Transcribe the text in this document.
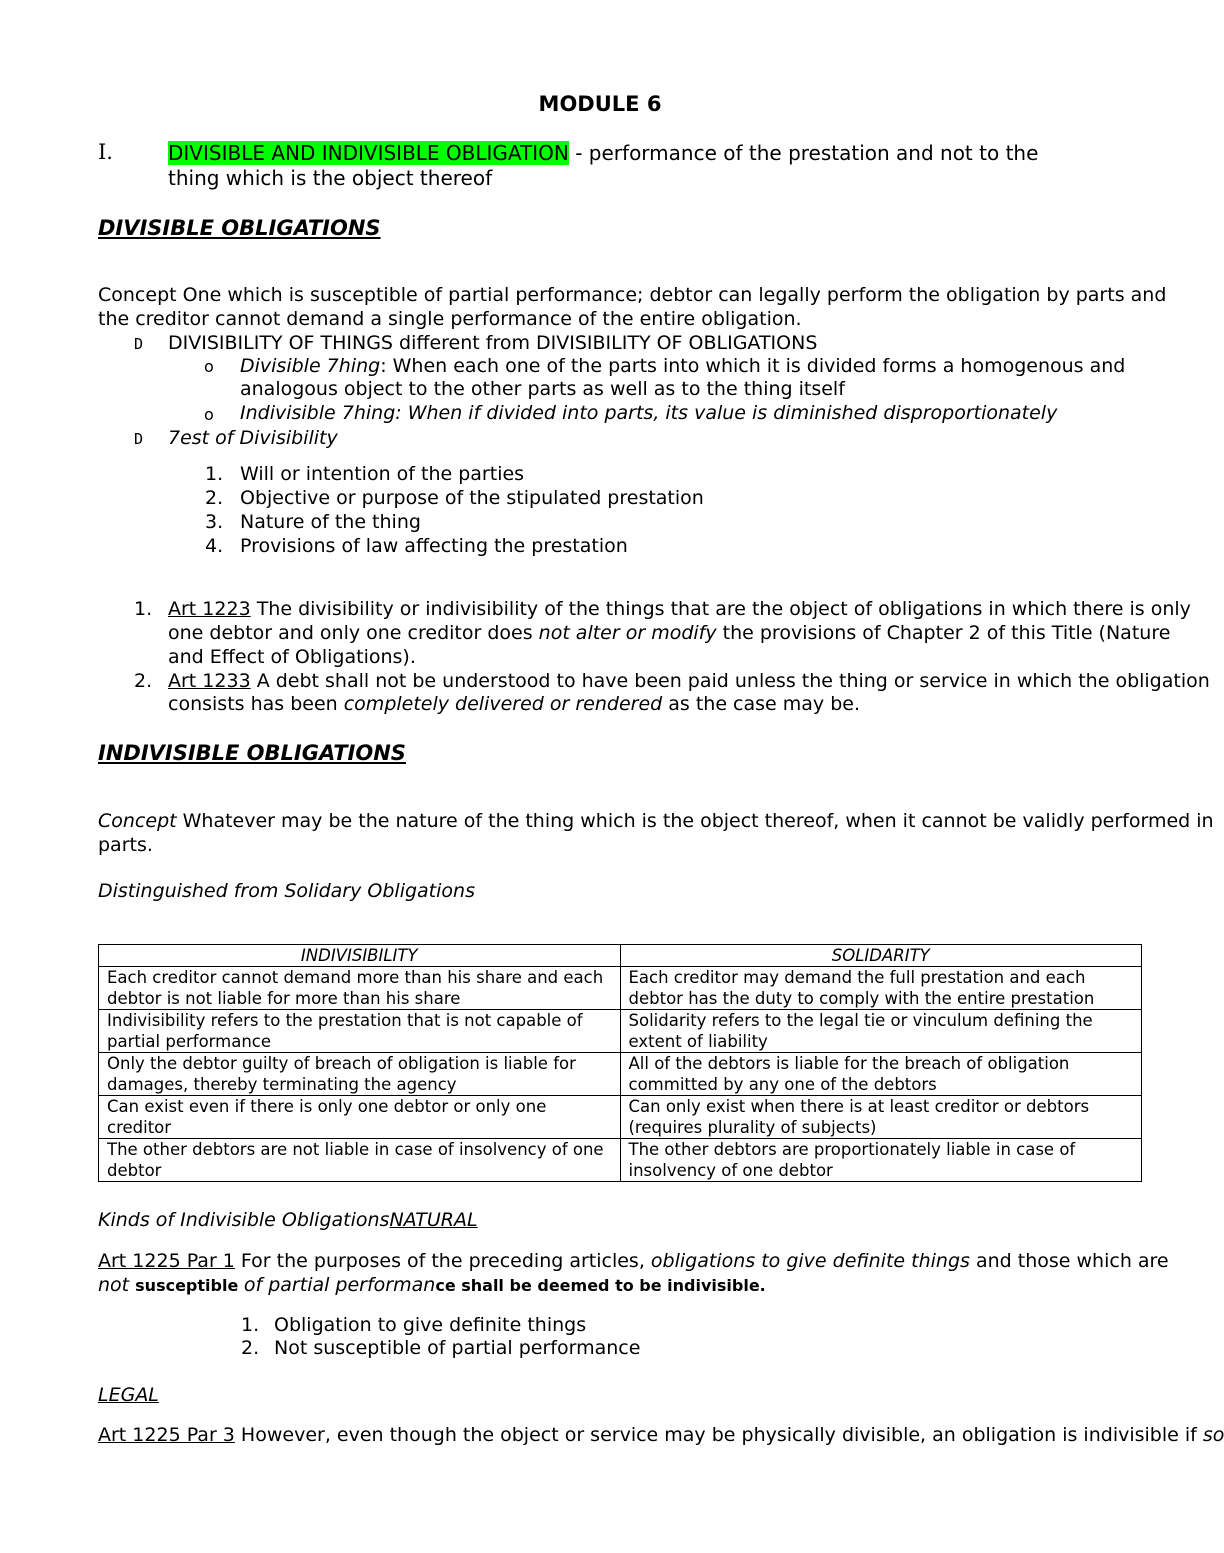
MODULE 6
I.	DIVISIBLE AND INDIVISIBLE OBLIGATION - performance of the prestation and not to the
thing which is the object thereof
DIVISIBLE OBLIGATIONS
Concept One which is susceptible of partial performance; debtor can legally perform the obligation by parts and
the creditor cannot demand a single performance of the entire obligation.
D DIVISIBILITY OF THINGS different from DIVISIBILITY OF OBLIGATIONS
o Divisible 7hing: When each one of the parts into which it is divided forms a homogenous and
analogous object to the other parts as well as to the thing itself
o Indivisible 7hing: When if divided into parts, its value is diminished disproportionately
D 7est of Divisibility
1. Will or intention of the parties
2. Objective or purpose of the stipulated prestation
3. Nature of the thing
4. Provisions of law affecting the prestation
1. Art 1223 The divisibility or indivisibility of the things that are the object of obligations in which there is only
one debtor and only one creditor does not alter or modify the provisions of Chapter 2 of this Title (Nature
and Effect of Obligations).
2. Art 1233 A debt shall not be understood to have been paid unless the thing or service in which the obligation
consists has been completely delivered or rendered as the case may be.
INDIVISIBLE OBLIGATIONS
Concept Whatever may be the nature of the thing which is the object thereof, when it cannot be validly performed in
parts.
Distinguished from Solidary Obligations
INDIVISIBILITY	SOLIDARITY
Each creditor cannot demand more than his share and each debtor is not liable for more than his share	Each creditor may demand the full prestation and each debtor has the duty to comply with the entire prestation
Indivisibility refers to the prestation that is not capable of partial performance	Solidarity refers to the legal tie or vinculum defining the extent of liability
Only the debtor guilty of breach of obligation is liable for damages, thereby terminating the agency	All of the debtors is liable for the breach of obligation committed by any one of the debtors
Can exist even if there is only one debtor or only one creditor	Can only exist when there is at least creditor or debtors (requires plurality of subjects)
The other debtors are not liable in case of insolvency of one debtor	The other debtors are proportionately liable in case of insolvency of one debtor
Kinds of Indivisible ObligationsNATURAL
Art 1225 Par 1 For the purposes of the preceding articles, obligations to give definite things and those which are
not susceptible of partial performance shall be deemed to be indivisible.
1. Obligation to give definite things
2. Not susceptible of partial performance
LEGAL
Art 1225 Par 3 However, even though the object or service may be physically divisible, an obligation is indivisible if so
